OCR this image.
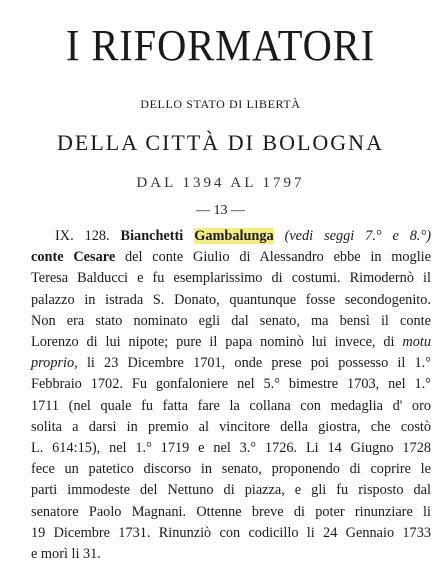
I RIFORMATORI
DELLO STATO DI LIBERTÀ
DELLA CITTÀ DI BOLOGNA
DAL 1394 AL 1797
— 13 —
IX. 128. Bianchetti Gambalunga (vedi seggi 7.° e 8.°)
conte Cesare del conte Giulio di Alessandro ebbe in moglie
Teresa Balducci e fu esemplarissimo di costumi. Rimodernò il
palazzo in istrada S. Donato, quantunque fosse secondogenito.
Non era stato nominato egli dal senato, ma bensì il conte
Lorenzo di lui nipote; pure il papa nominò lui invece, di motu
proprio, li 23 Dicembre 1701, onde prese poi possesso il 1.°
Febbraio 1702. Fu gonfaloniere nel 5.° bimestre 1703, nel 1.°
1711 (nel quale fu fatta fare la collana con medaglia d' oro
solita a darsi in premio al vincitore della giostra, che costò
L. 614:15), nel 1.° 1719 e nel 3.° 1726. Li 14 Giugno 1728
fece un patetico discorso in senato, proponendo di coprire le
parti immodeste del Nettuno di piazza, e gli fu risposto dal
senatore Paolo Magnani. Ottenne breve di poter rinunziare li
19 Dicembre 1731. Rinunziò con codicillo li 24 Gennaio 1733
e morì li 31.
